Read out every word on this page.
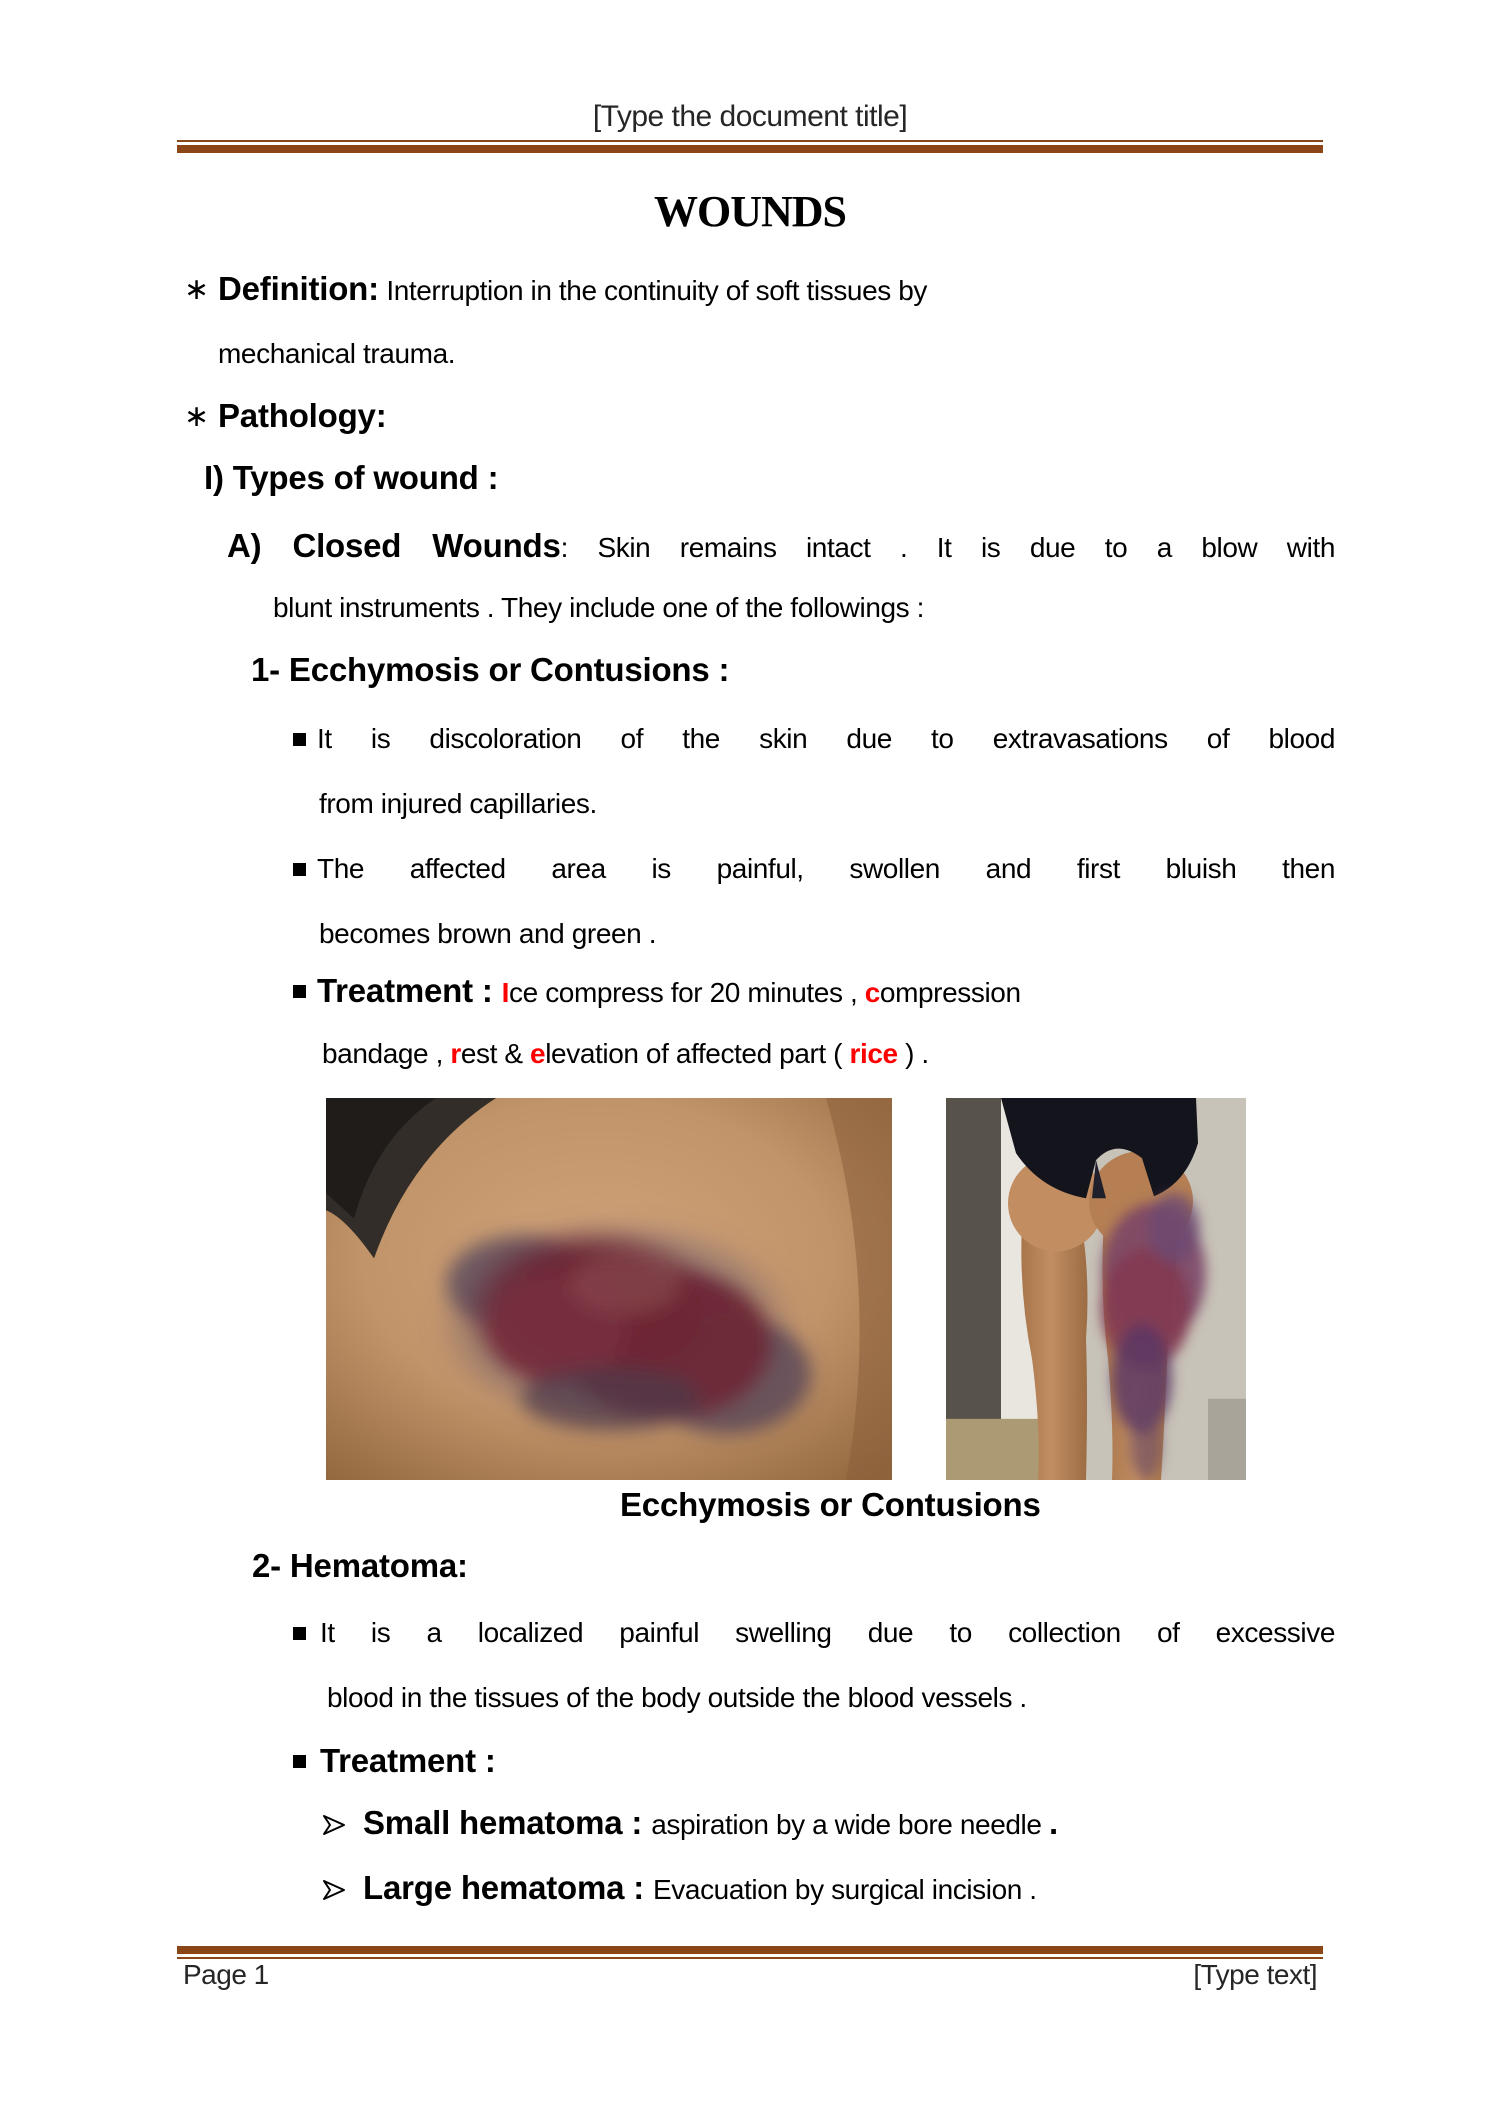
[Type the document title]
WOUNDS
∗ Definition: Interruption in the continuity of soft tissues by
mechanical trauma.
∗ Pathology:
I) Types of wound :
A) Closed Wounds: Skin remains intact . It is due to a blow with
blunt instruments . They include one of the followings :
1- Ecchymosis or Contusions :
It is discoloration of the skin due to extravasations of blood
from injured capillaries.
The affected area is painful, swollen and first bluish then
becomes brown and green .
Treatment : Ice compress for 20 minutes , compression
bandage , rest & elevation of affected part ( rice ) .
Ecchymosis or Contusions
2- Hematoma:
It is a localized painful swelling due to collection of excessive
blood in the tissues of the body outside the blood vessels .
Treatment :
Small hematoma : aspiration by a wide bore needle .
Large hematoma : Evacuation by surgical incision .
Page 1	[Type text]
